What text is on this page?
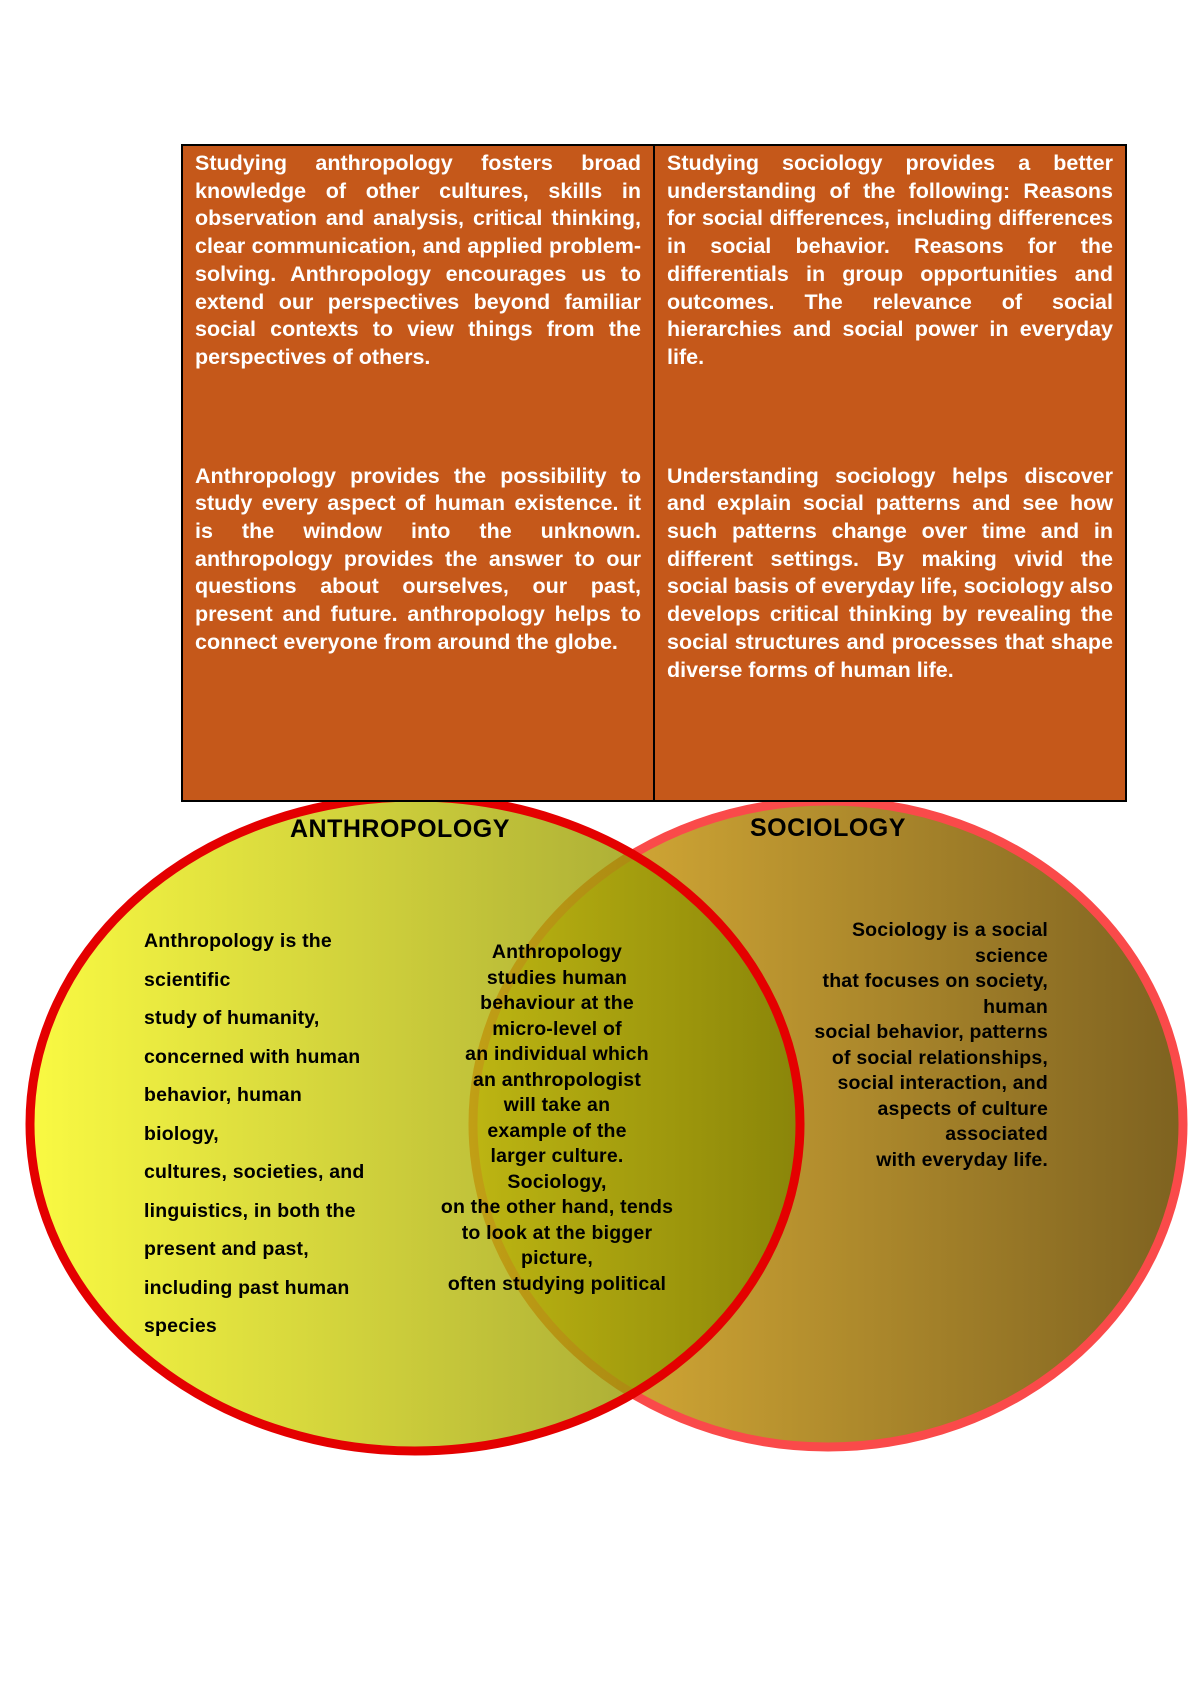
Studying anthropology fosters broad knowledge of other cultures, skills in observation and analysis, critical thinking, clear communication, and applied problem-solving. Anthropology encourages us to extend our perspectives beyond familiar social contexts to view things from the perspectives of others.

Anthropology provides the possibility to study every aspect of human existence. it is the window into the unknown. anthropology provides the answer to our questions about ourselves, our past, present and future. anthropology helps to connect everyone from around the globe.

Studying sociology provides a better understanding of the following: Reasons for social differences, including differences in social behavior. Reasons for the differentials in group opportunities and outcomes. The relevance of social hierarchies and social power in everyday life.

Understanding sociology helps discover and explain social patterns and see how such patterns change over time and in different settings. By making vivid the social basis of everyday life, sociology also develops critical thinking by revealing the social structures and processes that shape diverse forms of human life.

ANTHROPOLOGY	SOCIOLOGY
Anthropology is the
scientific
study of humanity,
concerned with human
behavior, human
biology,
cultures, societies, and
linguistics, in both the
present and past,
including past human
species
Anthropology
studies human
behaviour at the
micro-level of
an individual which
an anthropologist
will take an
example of the
larger culture.
Sociology,
on the other hand, tends
to look at the bigger
picture,
often studying political
Sociology is a social
science
that focuses on society,
human
social behavior, patterns
of social relationships,
social interaction, and
aspects of culture
associated
with everyday life.
